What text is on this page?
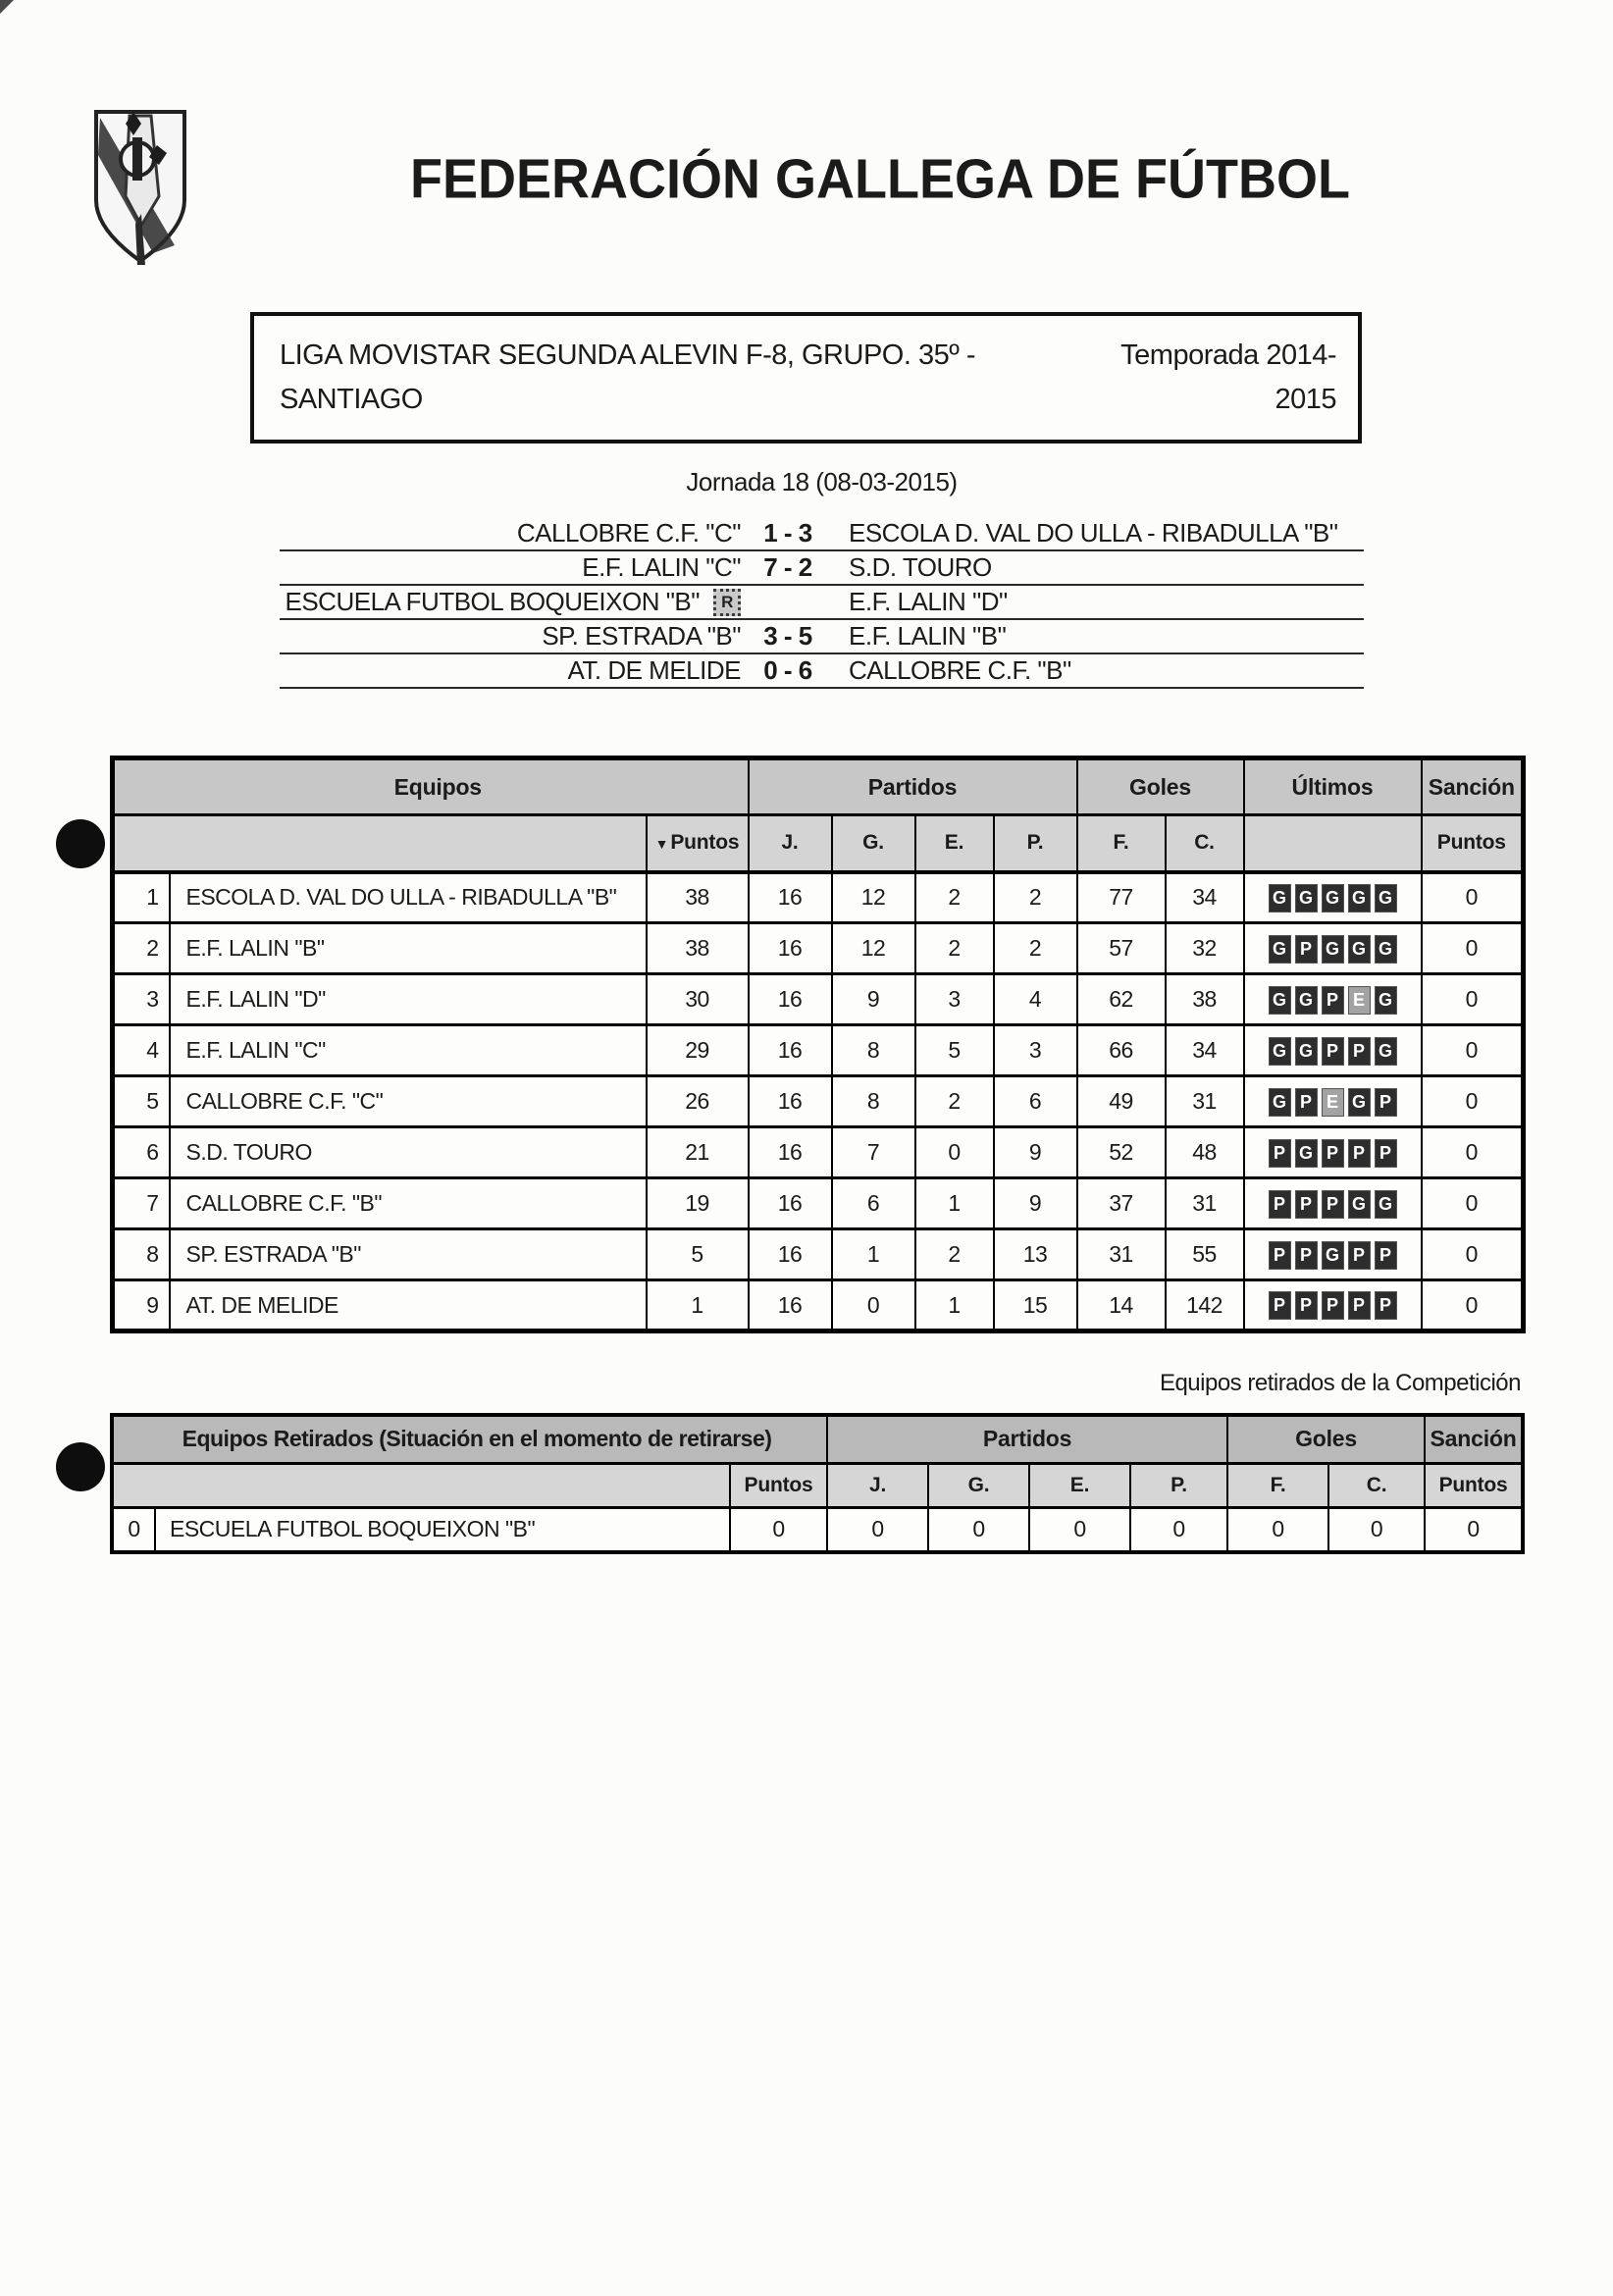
FEDERACIÓN GALLEGA DE FÚTBOL
LIGA MOVISTAR SEGUNDA ALEVIN F-8, GRUPO. 35º -
SANTIAGO
Temporada 2014-
2015
Jornada 18 (08-03-2015)
CALLOBRE C.F. "C" 1 - 3	ESCOLA D. VAL DO ULLA - RIBADULLA "B"
E.F. LALIN "C" 7 - 2	S.D. TOURO
ESCUELA FUTBOL BOQUEIXON "B"	R	E.F. LALIN "D"
SP. ESTRADA "B" 3 - 5	E.F. LALIN "B"
AT. DE MELIDE 0 - 6	CALLOBRE C.F. "B"
Equipos			Partidos				Goles		Últimos	Sanción
		▼Puntos	J.	G.	E.	P.	F.	C.		Puntos
1	ESCOLA D. VAL DO ULLA - RIBADULLA "B"	38	16	12	2	2	77	34	G G G G G	0
2	E.F. LALIN "B"	38	16	12	2	2	57	32	G P G G G	0
3	E.F. LALIN "D"	30	16	9	3	4	62	38	G G P E G	0
4	E.F. LALIN "C"	29	16	8	5	3	66	34	G G P P G	0
5	CALLOBRE C.F. "C"	26	16	8	2	6	49	31	G P E G P	0
6	S.D. TOURO	21	16	7	0	9	52	48	P G P P P	0
7	CALLOBRE C.F. "B"	19	16	6	1	9	37	31	P P P G G	0
8	SP. ESTRADA "B"	5	16	1	2	13	31	55	P P G P P	0
9	AT. DE MELIDE	1	16	0	1	15	14	142	P P P P P	0
Equipos retirados de la Competición
Equipos Retirados (Situación en el momento de retirarse)			Partidos				Goles		Sanción
		Puntos	J.	G.	E.	P.	F.	C.	Puntos
0	ESCUELA FUTBOL BOQUEIXON "B"	0	0	0	0	0	0	0	0
